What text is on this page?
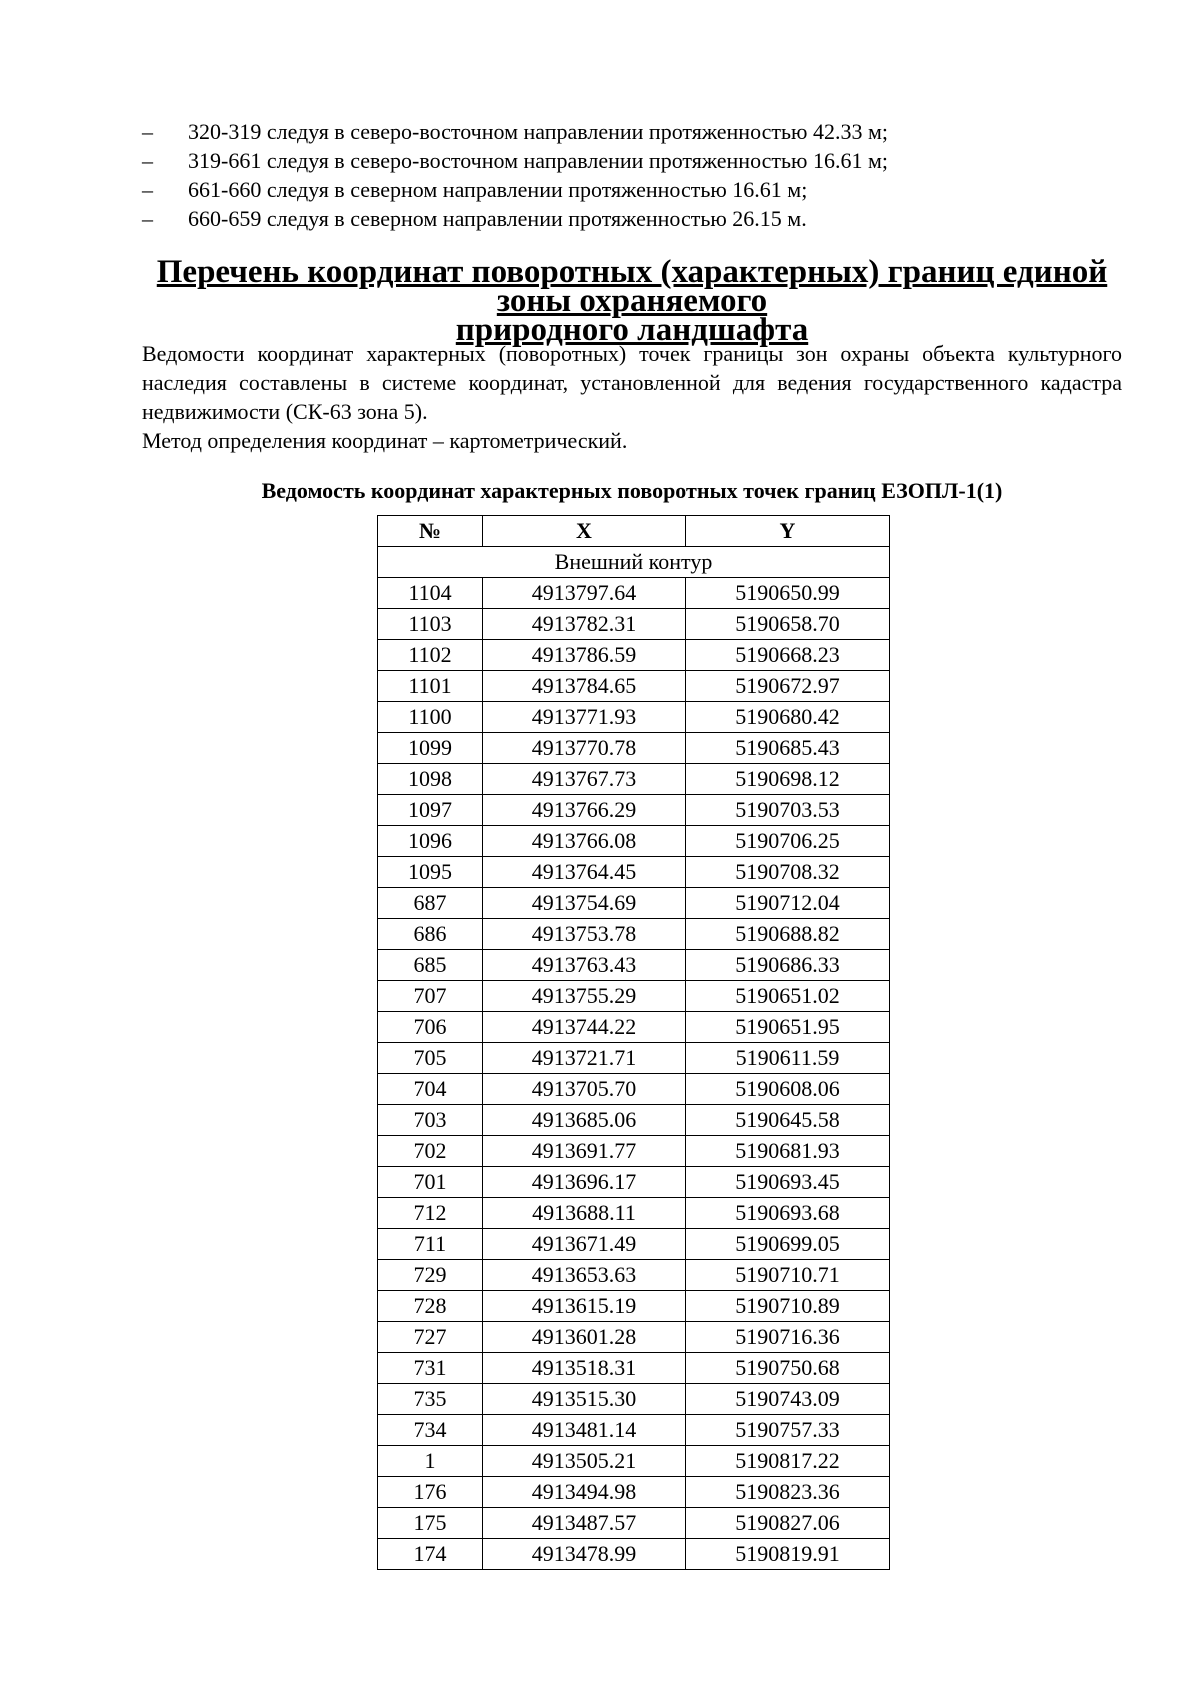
– 320-319 следуя в северо-восточном направлении протяженностью 42.33 м;
– 319-661 следуя в северо-восточном направлении протяженностью 16.61 м;
– 661-660 следуя в северном направлении протяженностью 16.61 м;
– 660-659 следуя в северном направлении протяженностью 26.15 м.
Перечень координат поворотных (характерных) границ единой зоны охраняемого
природного ландшафта

Ведомости координат характерных (поворотных) точек границы зон охраны объекта культурного наследия составлены в системе координат, установленной для ведения государственного кадастра недвижимости (СК-63 зона 5).

Метод определения координат – картометрический.

Ведомость координат характерных поворотных точек границ ЕЗОПЛ-1(1)

№	X	Y
Внешний контур		
1104	4913797.64	5190650.99
1103	4913782.31	5190658.70
1102	4913786.59	5190668.23
1101	4913784.65	5190672.97
1100	4913771.93	5190680.42
1099	4913770.78	5190685.43
1098	4913767.73	5190698.12
1097	4913766.29	5190703.53
1096	4913766.08	5190706.25
1095	4913764.45	5190708.32
687	4913754.69	5190712.04
686	4913753.78	5190688.82
685	4913763.43	5190686.33
707	4913755.29	5190651.02
706	4913744.22	5190651.95
705	4913721.71	5190611.59
704	4913705.70	5190608.06
703	4913685.06	5190645.58
702	4913691.77	5190681.93
701	4913696.17	5190693.45
712	4913688.11	5190693.68
711	4913671.49	5190699.05
729	4913653.63	5190710.71
728	4913615.19	5190710.89
727	4913601.28	5190716.36
731	4913518.31	5190750.68
735	4913515.30	5190743.09
734	4913481.14	5190757.33
1	4913505.21	5190817.22
176	4913494.98	5190823.36
175	4913487.57	5190827.06
174	4913478.99	5190819.91
